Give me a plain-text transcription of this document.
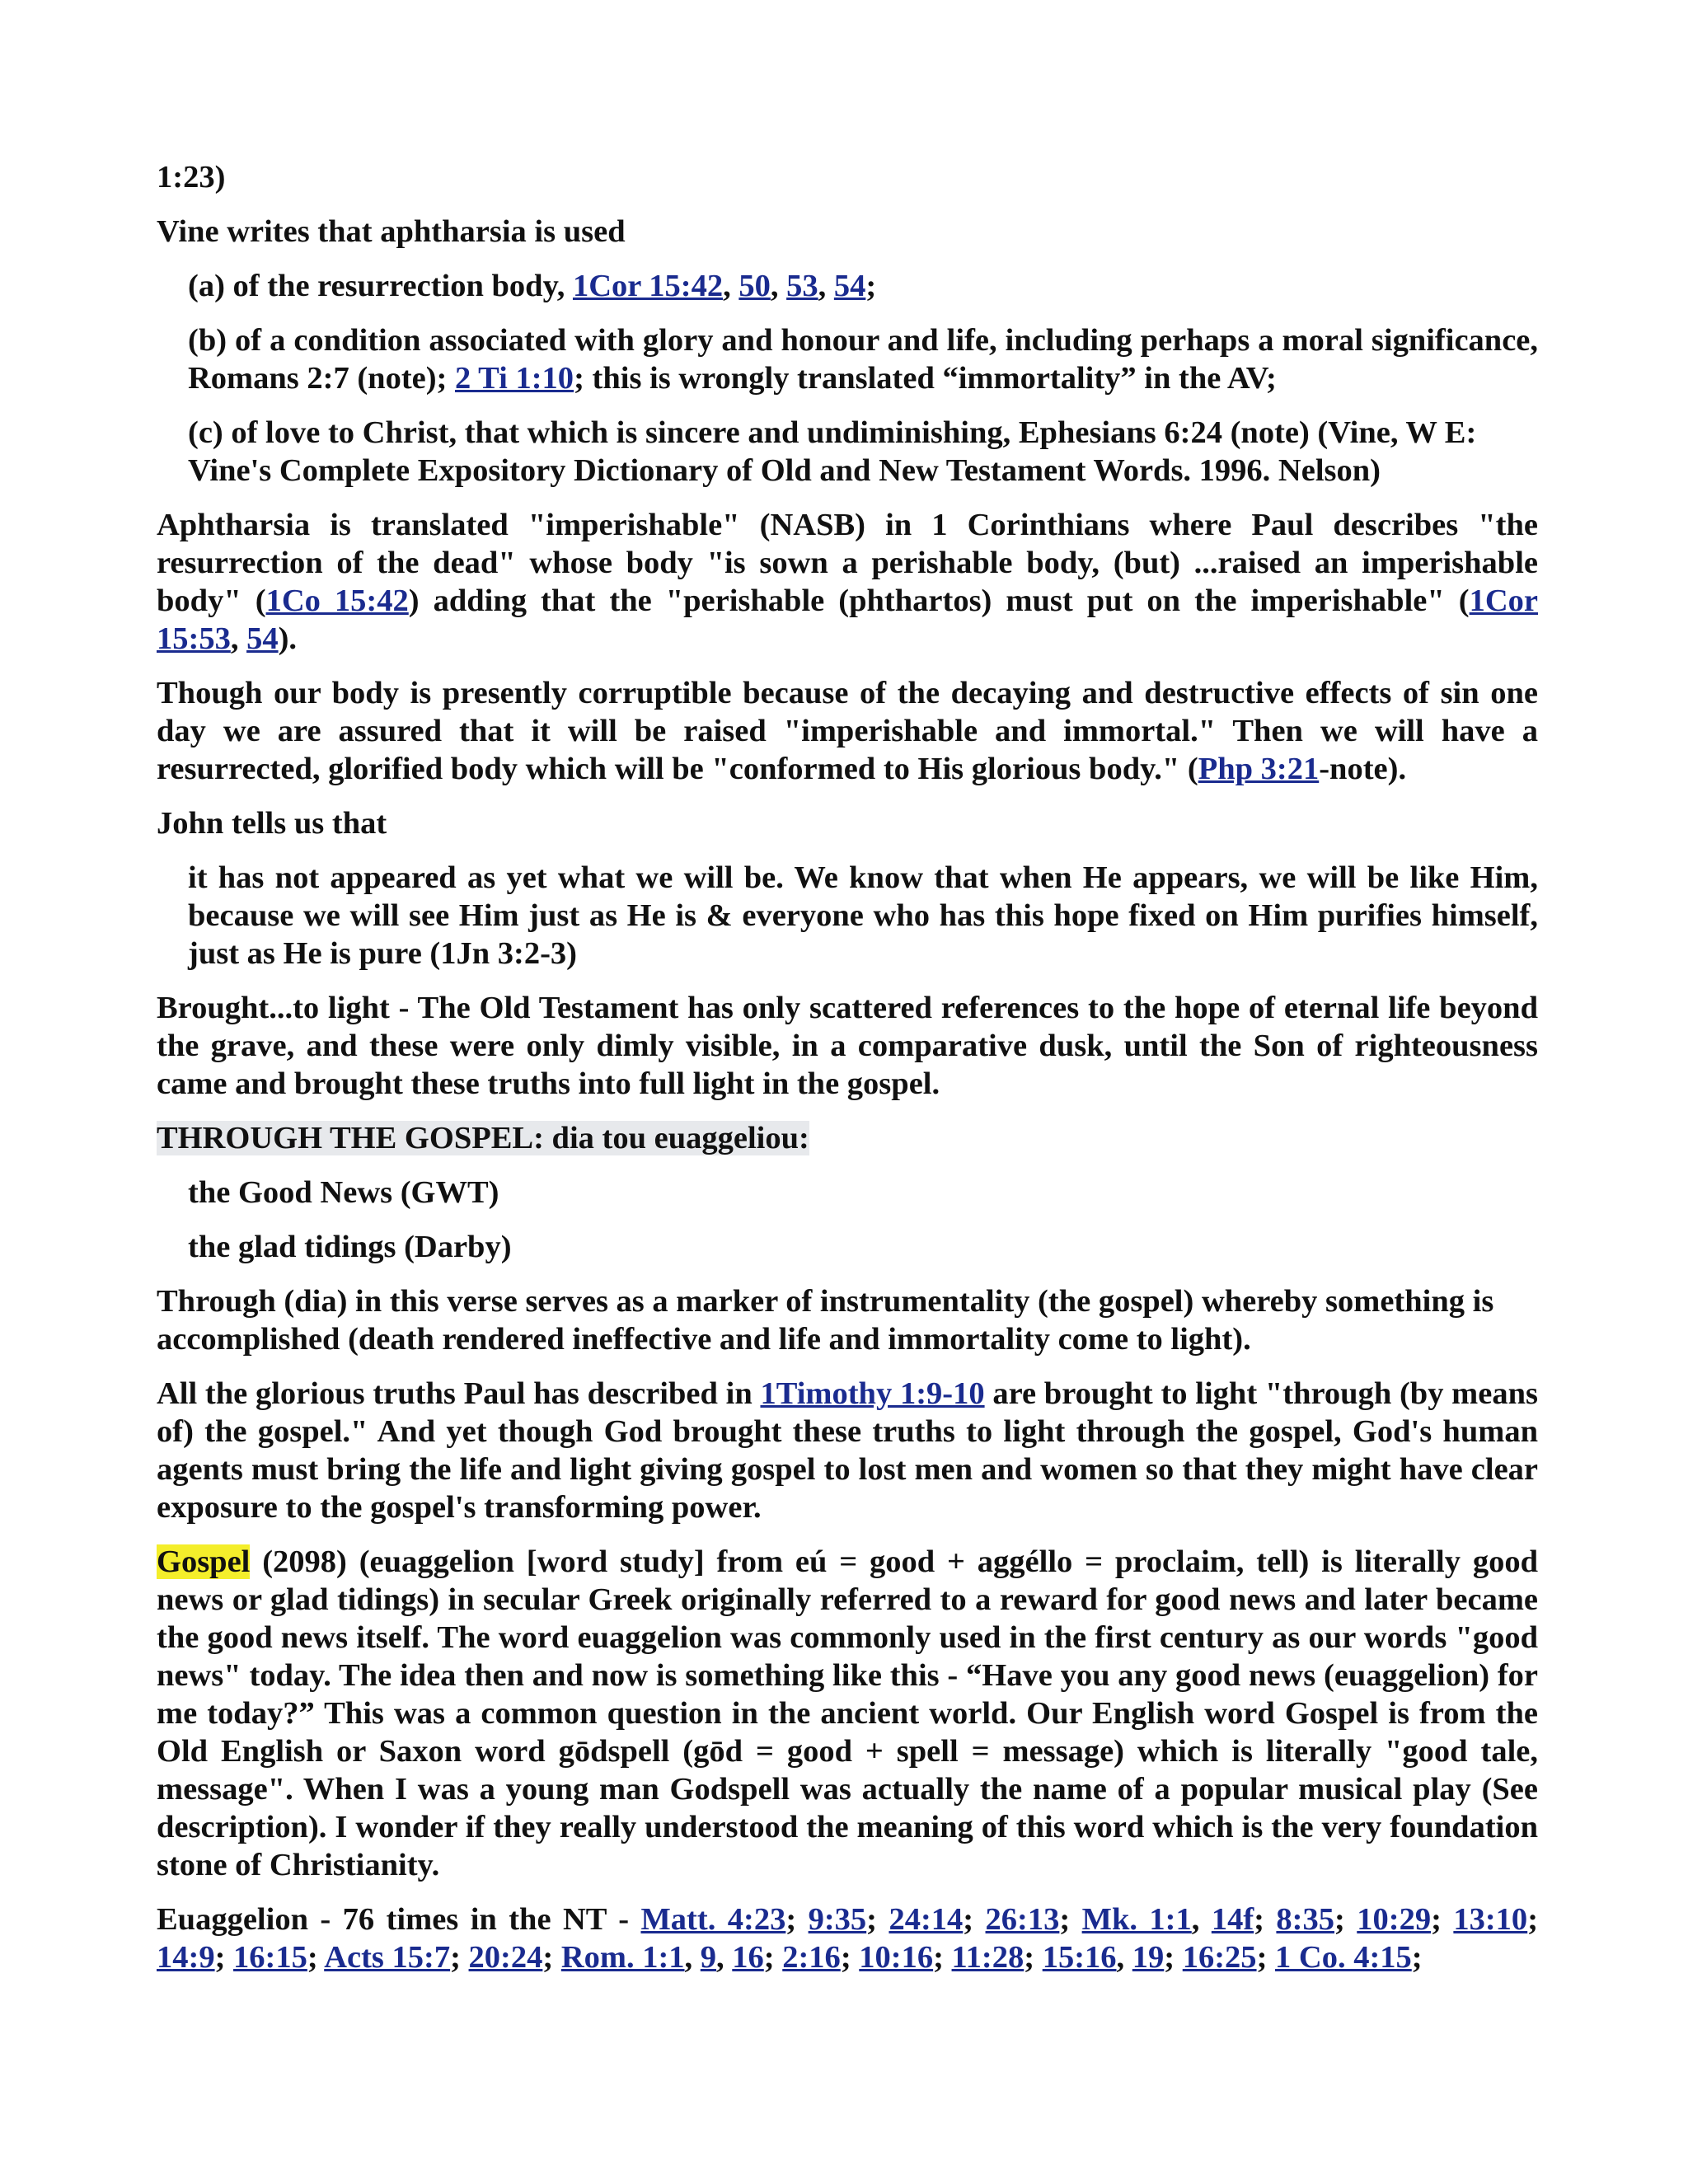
1:23)

Vine writes that aphtharsia is used

(a) of the resurrection body, 1Cor 15:42, 50, 53, 54;

(b) of a condition associated with glory and honour and life, including perhaps a moral significance, Romans 2:7 (note); 2 Ti 1:10; this is wrongly translated “immortality” in the AV;

(c) of love to Christ, that which is sincere and undiminishing, Ephesians 6:24 (note) (Vine, W E: Vine's Complete Expository Dictionary of Old and New Testament Words. 1996. Nelson)

Aphtharsia is translated "imperishable" (NASB) in 1 Corinthians where Paul describes "the resurrection of the dead" whose body "is sown a perishable body, (but) ...raised an imperishable body" (1Co 15:42) adding that the "perishable (phthartos) must put on the imperishable" (1Cor 15:53, 54).

Though our body is presently corruptible because of the decaying and destructive effects of sin one day we are assured that it will be raised "imperishable and immortal." Then we will have a resurrected, glorified body which will be "conformed to His glorious body." (Php 3:21-note).

John tells us that

it has not appeared as yet what we will be. We know that when He appears, we will be like Him, because we will see Him just as He is & everyone who has this hope fixed on Him purifies himself, just as He is pure (1Jn 3:2-3)

Brought...to light - The Old Testament has only scattered references to the hope of eternal life beyond the grave, and these were only dimly visible, in a comparative dusk, until the Son of righteousness came and brought these truths into full light in the gospel.

THROUGH THE GOSPEL: dia tou euaggeliou:

the Good News (GWT)

the glad tidings (Darby)

Through (dia) in this verse serves as a marker of instrumentality (the gospel) whereby something is accomplished (death rendered ineffective and life and immortality come to light).

All the glorious truths Paul has described in 1Timothy 1:9-10 are brought to light "through (by means of) the gospel." And yet though God brought these truths to light through the gospel, God's human agents must bring the life and light giving gospel to lost men and women so that they might have clear exposure to the gospel's transforming power.

Gospel (2098) (euaggelion [word study] from eú = good + aggéllo = proclaim, tell) is literally good news or glad tidings) in secular Greek originally referred to a reward for good news and later became the good news itself. The word euaggelion was commonly used in the first century as our words "good news" today. The idea then and now is something like this - “Have you any good news (euaggelion) for me today?” This was a common question in the ancient world. Our English word Gospel is from the Old English or Saxon word gōdspell (gōd = good + spell = message) which is literally "good tale, message". When I was a young man Godspell was actually the name of a popular musical play (See description). I wonder if they really understood the meaning of this word which is the very foundation stone of Christianity.

Euaggelion - 76 times in the NT - Matt. 4:23; 9:35; 24:14; 26:13; Mk. 1:1, 14f; 8:35; 10:29; 13:10; 14:9; 16:15; Acts 15:7; 20:24; Rom. 1:1, 9, 16; 2:16; 10:16; 11:28; 15:16, 19; 16:25; 1 Co. 4:15;
